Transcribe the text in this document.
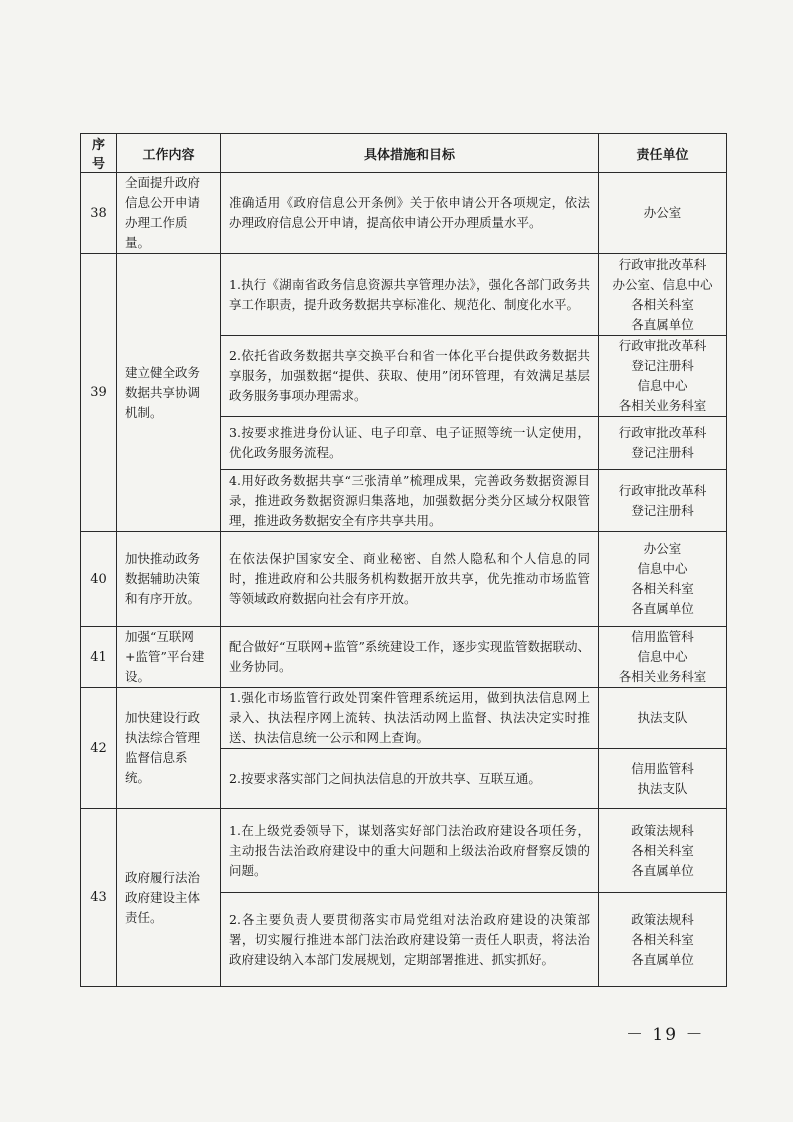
序号	工作内容	具体措施和目标	责任单位
38	全面提升政府信息公开申请办理工作质量。	准确适用《政府信息公开条例》关于依申请公开各项规定，依法办理政府信息公开申请，提高依申请公开办理质量水平。	办公室

39	建立健全政务数据共享协调机制。	1.执行《湖南省政务信息资源共享管理办法》，强化各部门政务共享工作职责，提升政务数据共享标准化、规范化、制度化水平。	行政审批改革科
办公室、信息中心
各相关科室
各直属单位

		2.依托省政务数据共享交换平台和省一体化平台提供政务数据共享服务，加强数据“提供、获取、使用”闭环管理，有效满足基层政务服务事项办理需求。	行政审批改革科
登记注册科
信息中心
各相关业务科室

		3.按要求推进身份认证、电子印章、电子证照等统一认定使用，优化政务服务流程。	行政审批改革科
登记注册科

		4.用好政务数据共享“三张清单”梳理成果，完善政务数据资源目录，推进政务数据资源归集落地，加强数据分类分区域分权限管理，推进政务数据安全有序共享共用。	行政审批改革科
登记注册科

40	加快推动政务数据辅助决策和有序开放。	在依法保护国家安全、商业秘密、自然人隐私和个人信息的同时，推进政府和公共服务机构数据开放共享，优先推动市场监管等领域政府数据向社会有序开放。	办公室
信息中心
各相关科室
各直属单位

41	加强“互联网+监管”平台建设。	配合做好“互联网+监管”系统建设工作，逐步实现监管数据联动、业务协同。	信用监管科
信息中心
各相关业务科室

42	加快建设行政执法综合管理监督信息系统。	1.强化市场监管行政处罚案件管理系统运用，做到执法信息网上录入、执法程序网上流转、执法活动网上监督、执法决定实时推送、执法信息统一公示和网上查询。	执法支队

		2.按要求落实部门之间执法信息的开放共享、互联互通。	信用监管科
执法支队

43	政府履行法治政府建设主体责任。	1.在上级党委领导下，谋划落实好部门法治政府建设各项任务，主动报告法治政府建设中的重大问题和上级法治政府督察反馈的问题。	政策法规科
各相关科室
各直属单位

		2.各主要负责人要贯彻落实市局党组对法治政府建设的决策部署，切实履行推进本部门法治政府建设第一责任人职责，将法治政府建设纳入本部门发展规划，定期部署推进、抓实抓好。	政策法规科
各相关科室
各直属单位
－ 19 －
